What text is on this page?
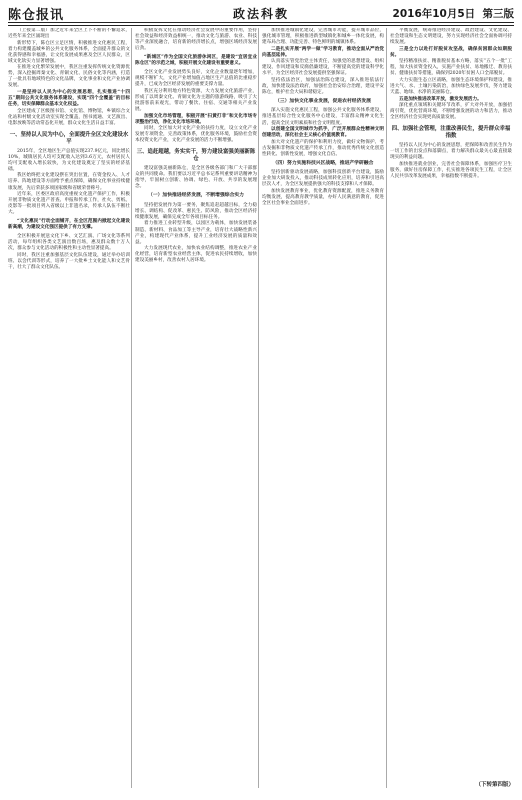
陈仓报讯	政法科教	2016年10月5日 第三版

（上接第二版）加之近年来全区上下不断的不懈追求，近些年来全区涌现出

新形势下，陈仓区立足区情，积极推进文化惠民工程，着力构建覆盖城乡的公共文化服务体系，全面提升群众的文化获得感和幸福感，让文化发展成果惠及全区人民群众，区域文化软实力显著增强。

在推进文化繁荣发展中，我区注重发挥传统文化资源优势，深入挖掘周秦文化、青铜文化、民俗文化等内涵，打造了一批具有地域特色的文化品牌，文化事业和文化产业协调发展。

一是坚持以人民为中心的发展思想，扎实推进“十四五”期间公共文化服务体系建设，实现“四个全覆盖”的目标任务，切实保障群众基本文化权益。

全区建成了区级图书馆、文化馆、博物馆，乡镇综合文化站和村级文化活动室实现全覆盖，图书流通、文艺演出、电影放映等活动常态化开展，群众文化生活日益丰富。

一、坚持以人民为中心，全面提升全区文化建设水平

2015年，全区地区生产总值实现237.9亿元，同比增长10%，城镇居民人均可支配收入达到3.6万元，农村居民人均可支配收入增长较快，为文化建设奠定了坚实的经济基础。

我区始终把文化建设摆在突出位置，在资金投入、人才培养、阵地建设等方面给予重点保障，确保文化事业持续健康发展，先后荣获多项国家级和省级荣誉称号。

近年来，区委区政府高度重视文化遗产保护工作，积极开展非物质文化遗产普查、申报和传承工作，社火、剪纸、皮影等一批项目列入省级以上非遗名录，传承人队伍不断壮大。

“文化惠民”行动全面铺开，在全区范围内掀起文化建设新高潮，为建设文化强区提供了有力支撑。

全区积极开展送文化下乡、文艺汇演、广场文化等系列活动，每年组织各类文艺演出数百场，惠及群众数十万人次，群众参与文化活动的积极性和主动性显著提高。

同时，我区注重加强基层文化队伍建设，通过举办培训班、以会代训等形式，培养了一大批乡土文化能人和文艺骨干，壮大了群众文化队伍。

积极发挥文化在推动经济社会发展中的重要作用，坚持社会效益和经济效益相统一，推动文化与旅游、农业、科技等产业深度融合，培育新的经济增长点，增强区域经济发展后劲。

“新城区”作为全国文化旅游休闲区，是建设“宜居宜业陈仓区”的示范之城，积极开展文化建设有重要意义。

全区文化产业发展势头良好，文化企业数量逐年增加，规模不断扩大，文化产业增加值占地区生产总值的比重稳步提升，已成为全区经济发展的重要支撑力量。

我区充分利用地方特色资源，大力发展文化旅游产业，形成了以周秦文化、青铜文化为主题的旅游线路，吸引了大批游客前来观光，带动了餐饮、住宿、交通等相关产业发展。

加强文化市场管理，积极开展“扫黄打非”和文化市场专项整治行动，净化文化市场环境。

同时，全区加大对文化产业的扶持力度，设立文化产业发展专项资金，完善政策体系，优化服务环境，鼓励社会资本投资文化产业，文化产业发展的活力不断增强。

三、追赶超越，务实实干，努力建设富强美丽新陈仓

建设富强美丽新陈仓，是全区各级各部门和广大干部群众的共同使命。我们要以习近平总书记系列重要讲话精神为指导，牢固树立创新、协调、绿色、开放、共享的发展理念。

（一）加快推进经济发展，不断增强综合实力

坚持把发展作为第一要务，聚焦追赶超越目标，全力稳增长、调结构、促改革、惠民生、防风险，推动全区经济持续健康发展，确保完成全年各项目标任务。

着力推进工业转型升级，以园区为载体，加快发展装备制造、新材料、食品加工等主导产业，培育壮大战略性新兴产业，构建现代产业体系，提升工业经济发展的质量和效益。

大力发展现代农业，加快农业结构调整，推进农业产业化经营，培育新型农业经营主体，促进农民持续增收，加快建设美丽乡村，改善农村人居环境。

加快推进城镇化建设，完善城市功能，提升城市品位，强化城市管理，积极推进新型城镇化和城乡一体化发展，构建布局合理、功能完善、特色鲜明的城镇体系。

二是扎实开展“两学一做”学习教育，推动全面从严治党向基层延伸。

认真落实管党治党主体责任，加强党的思想建设、组织建设、作风建设和反腐倡廉建设，不断提高党的建设科学化水平，为全区经济社会发展提供坚强保证。

坚持依法治区，加强法治陈仓建设，深入推进依法行政，加快建设法治政府，加强社会治安综合治理，建设平安陈仓，维护社会大局和谐稳定。

（三）加快文化事业发展，促进农村经济发展

深入实施文化惠民工程，加强公共文化服务体系建设，推进基层综合性文化服务中心建设，丰富群众精神文化生活，提高全民文明素质和社会文明程度。

以创建全国文明城市为抓手，广泛开展群众性精神文明创建活动，深化社会主义核心价值观教育。

加大对文化遗产的保护和利用力度，做好文物保护、考古发掘和非物质文化遗产传承工作，推动优秀传统文化创造性转化、创新性发展，增强文化自信。

（四）努力实施科技兴区战略，推进产学研融合

坚持创新驱动发展战略，加强科技创新平台建设，鼓励企业加大研发投入，推动科技成果转化应用，培养和引进高层次人才，为全区发展提供强大的科技支撑和人才保障。

加快发展教育事业，优化教育资源配置，推进义务教育均衡发展，提高教育教学质量，办好人民满意的教育，促进全区社会事业全面进步。

平衡发展，统筹推进经济建设、政治建设、文化建设、社会建设和生态文明建设，努力实现经济社会全面协调可持续发展。

三是全力以赴打好脱贫攻坚战，确保贫困群众如期脱贫。

坚持精准扶贫、精准脱贫基本方略，落实“五个一批”工程，加大扶贫资金投入，实施产业扶贫、易地搬迁、教育扶贫、健康扶贫等措施，确保到2020年贫困人口全部脱贫。

大力实施生态立区战略，加强生态环境保护和建设，推进大气、水、土壤污染防治，加快绿色发展步伐，努力建设天蓝、地绿、水净的美丽陈仓。

五是加快推进改革开放，激发发展活力。

深化重点领域和关键环节改革，扩大对外开放，加强招商引资，优化营商环境，不断增强发展的动力和活力，推动全区经济社会实现更高质量发展。

四、加强社会管理，注重改善民生，提升群众幸福指数

坚持以人民为中心的发展思想，把保障和改善民生作为一切工作的出发点和落脚点，着力解决群众最关心最直接最现实的利益问题。

加快推进就业创业，完善社会保障体系，加强医疗卫生服务，做好住房保障工作，扎实推进各项民生工程，让全区人民共享改革发展成果，幸福指数不断提升。

（下转第四版）
